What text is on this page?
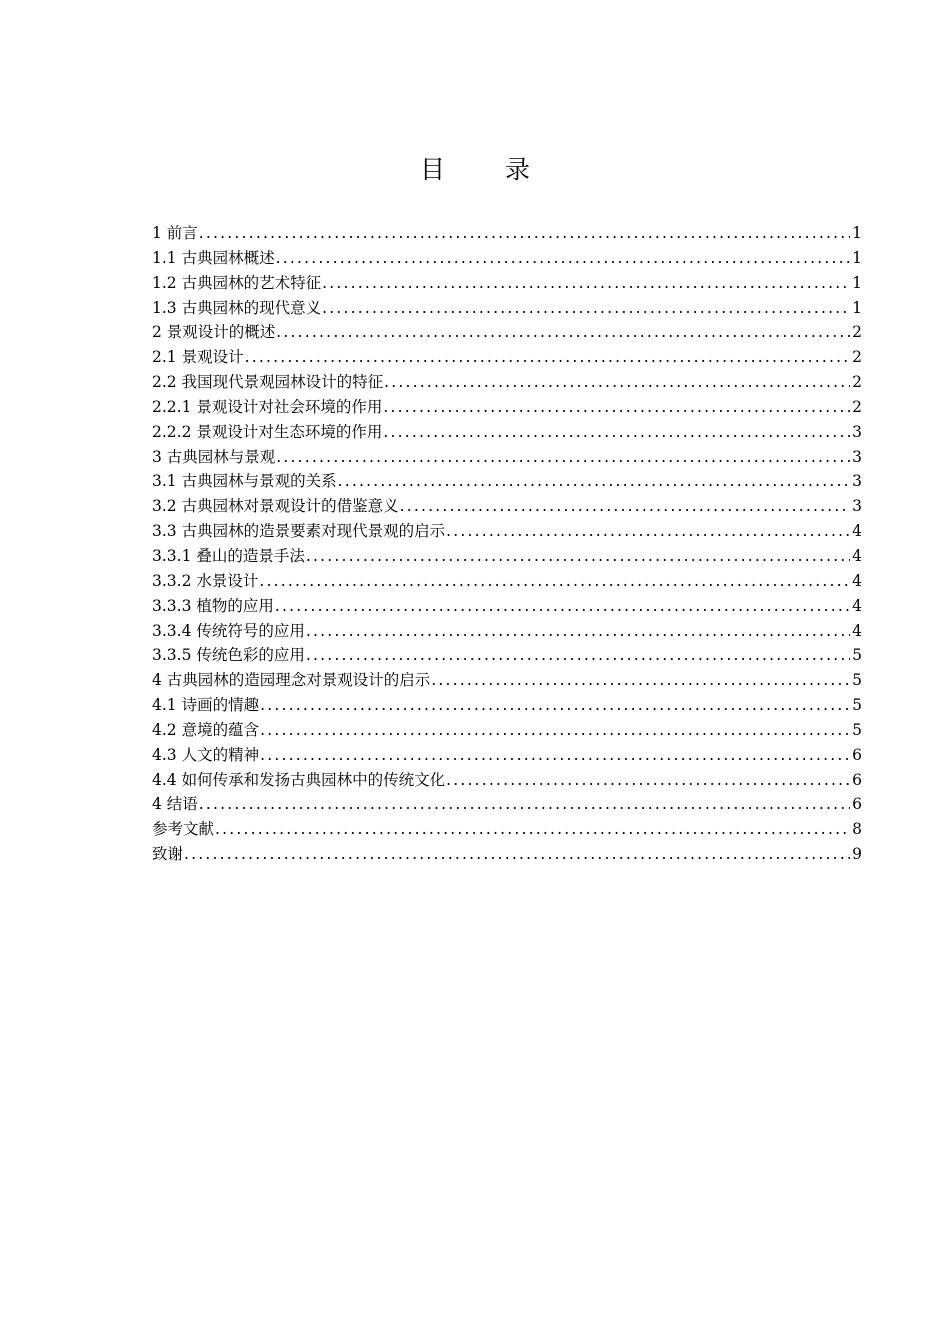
目 录
1 前言 .....	1
1.1 古典园林概述 .....	1
1.2 古典园林的艺术特征 .....	1
1.3 古典园林的现代意义 .....	1
2 景观设计的概述 .....	2
2.1 景观设计 .....	2
2.2 我国现代景观园林设计的特征 .....	2
2.2.1 景观设计对社会环境的作用 .....	2
2.2.2 景观设计对生态环境的作用 .....	3
3 古典园林与景观 .....	3
3.1 古典园林与景观的关系 .....	3
3.2 古典园林对景观设计的借鉴意义 .....	3
3.3 古典园林的造景要素对现代景观的启示 .....	4
3.3.1 叠山的造景手法 .....	4
3.3.2 水景设计 .....	4
3.3.3 植物的应用 .....	4
3.3.4 传统符号的应用 .....	4
3.3.5 传统色彩的应用 .....	5
4 古典园林的造园理念对景观设计的启示 .....	5
4.1 诗画的情趣 .....	5
4.2 意境的蕴含 .....	5
4.3 人文的精神 .....	6
4.4 如何传承和发扬古典园林中的传统文化 .....	6
4 结语 .....	6
参考文献 .....	8
致谢 .....	9
